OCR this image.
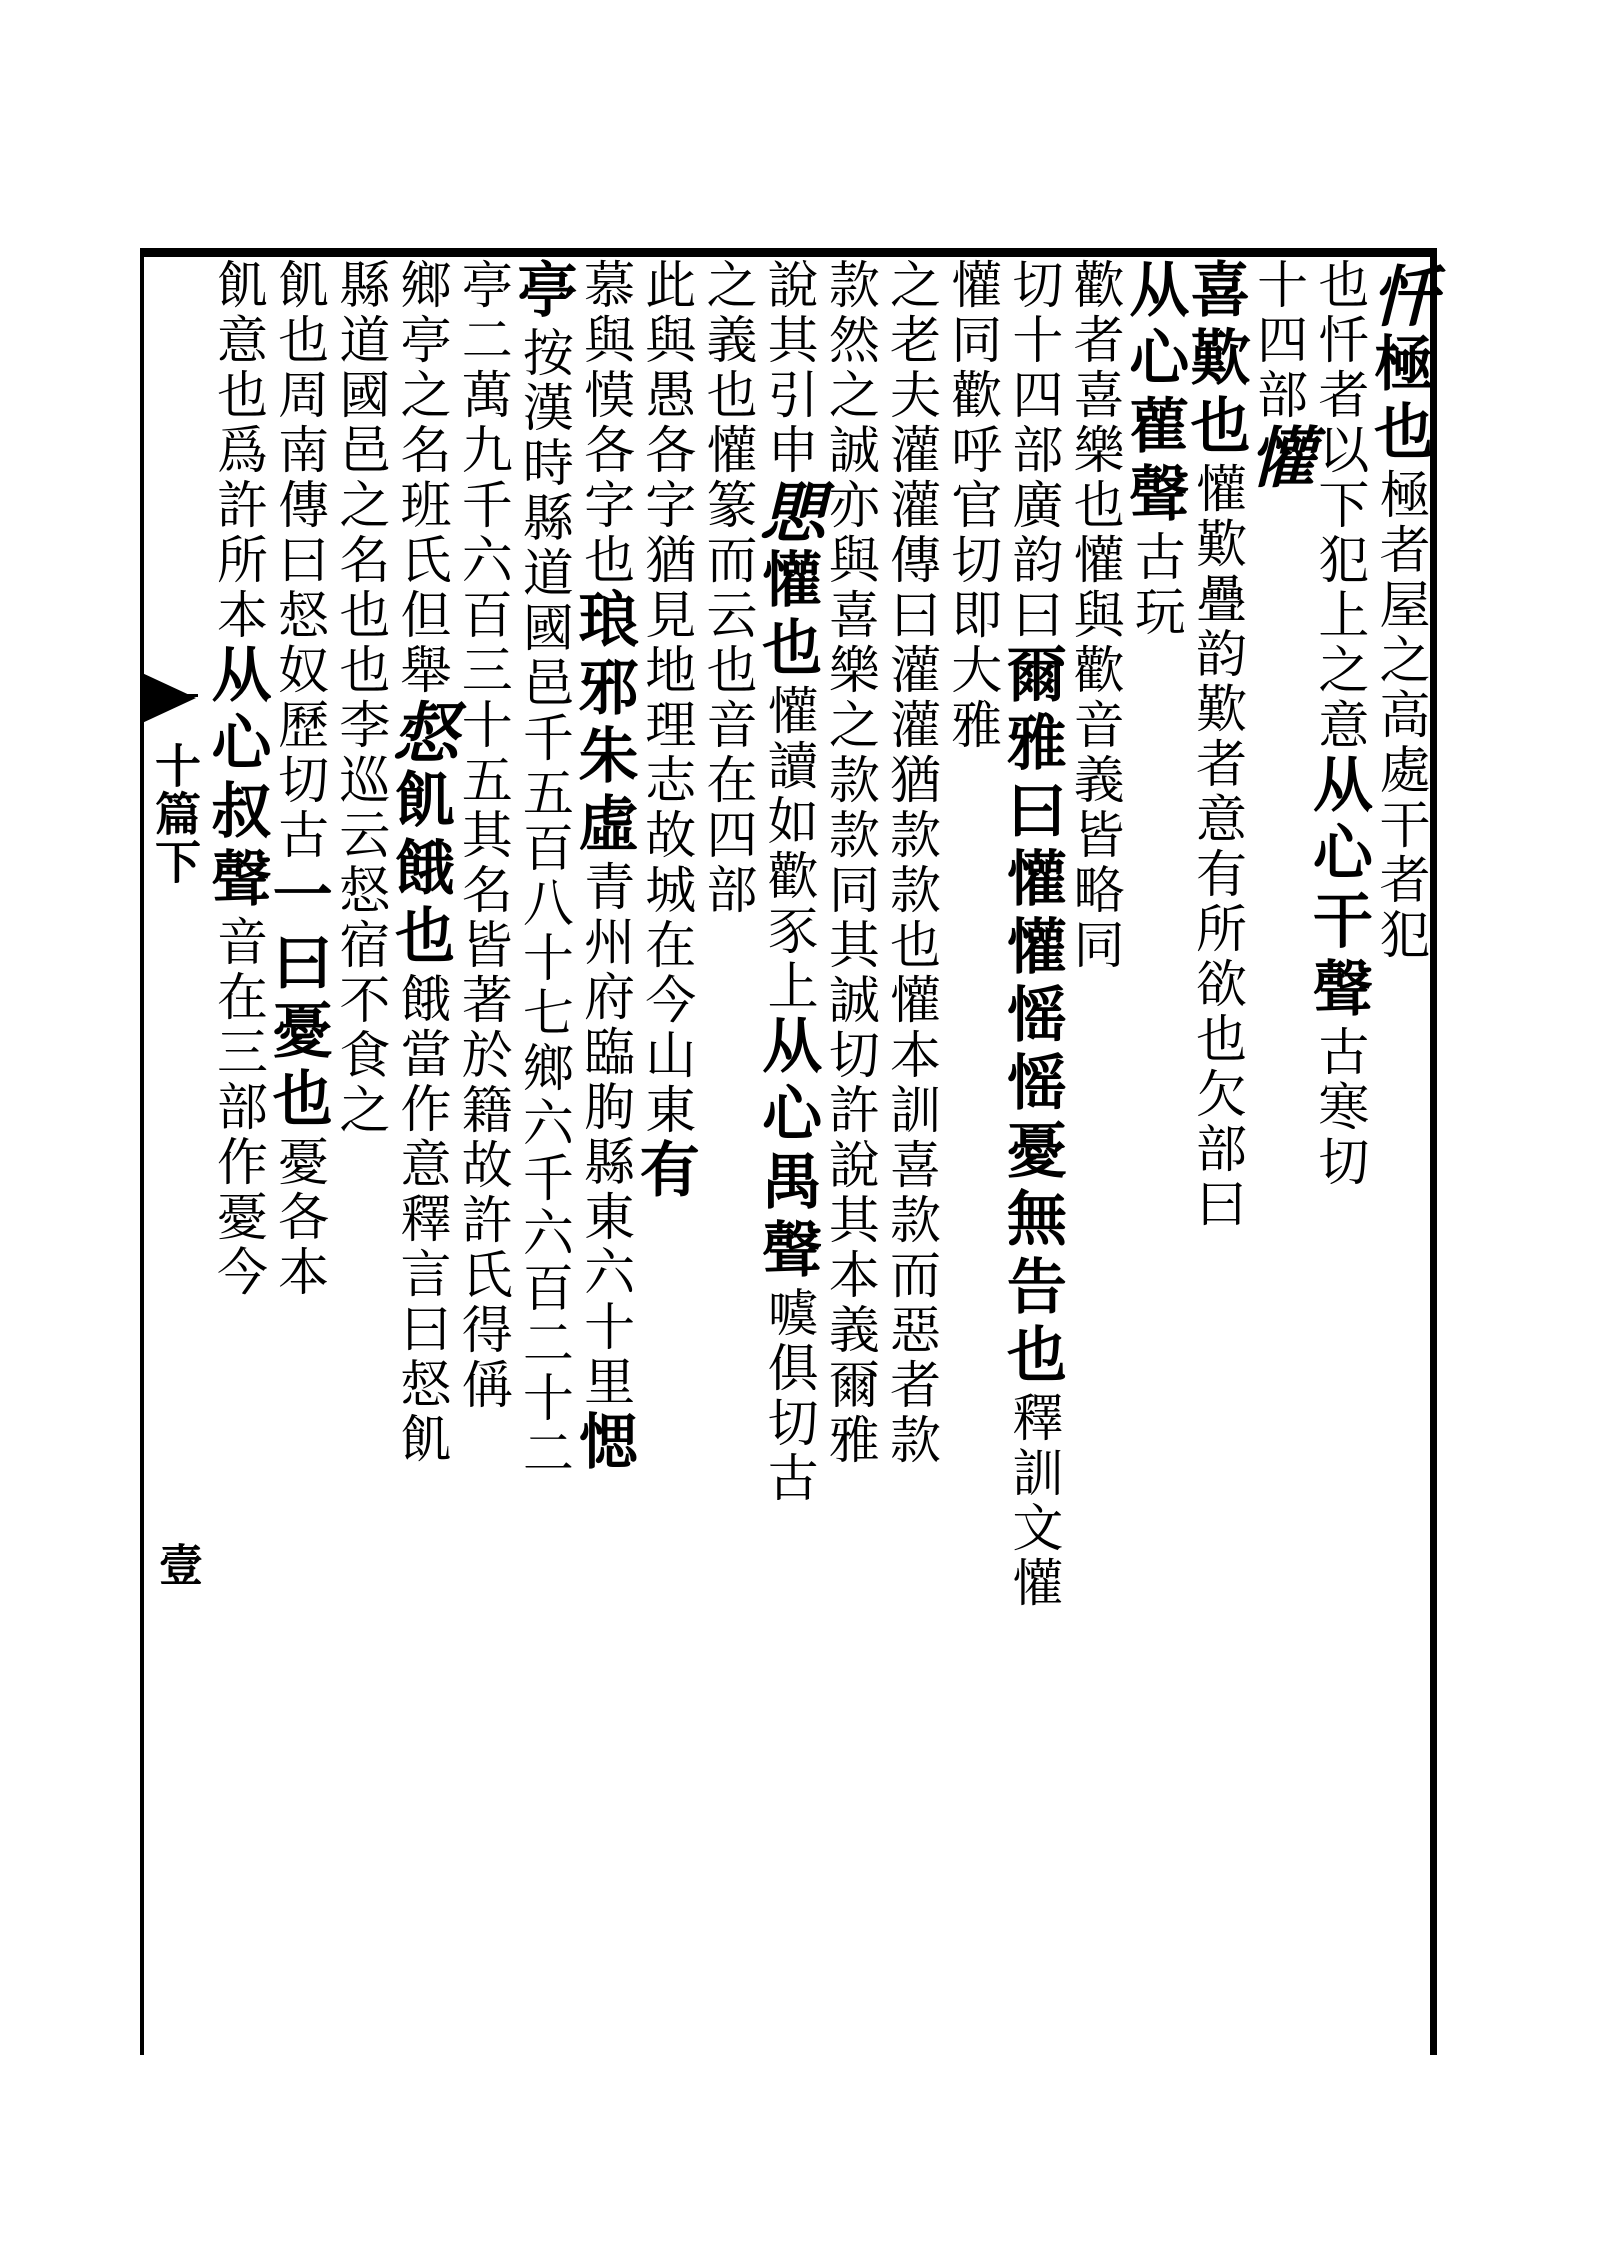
十篇下
壹
忏極也極者屋之高處干者犯
也忏者以下犯上之意从心干聲古寒切
十四部懽
喜歎也懽歎疊韵歎者意有所欲也欠部曰
从心雚聲古玩
歡者喜樂也懽與歡音義皆略同
切十四部廣韵曰爾雅曰懽懽愮愮憂無告也釋訓文懽
懽同歡呼官切即大雅
之老夫灌灌傳曰灌灌猶款款也懽本訓喜款而惡者款
款然之誠亦與喜樂之款款同其誠切許說其本義爾雅
說其引申愳懽也懽讀如歡豕上从心禺聲噳俱切古
之義也懽篆而云也音在四部
此與愚各字猶見地理志故城在今山東有
慕與慔各字也琅邪朱虛青州府臨朐縣東六十里愢
亭按漢時縣道國邑千五百八十七鄉六千六百二十二
亭二萬九千六百三十五其名皆著於籍故許氏得偁
鄉亭之名班氏但舉惄飢餓也餓當作意釋言曰惄飢
縣道國邑之名也也李巡云惄宿不食之
飢也周南傳曰惄奴歷切古一曰憂也憂各本
飢意也爲許所本从心叔聲音在三部作憂今
